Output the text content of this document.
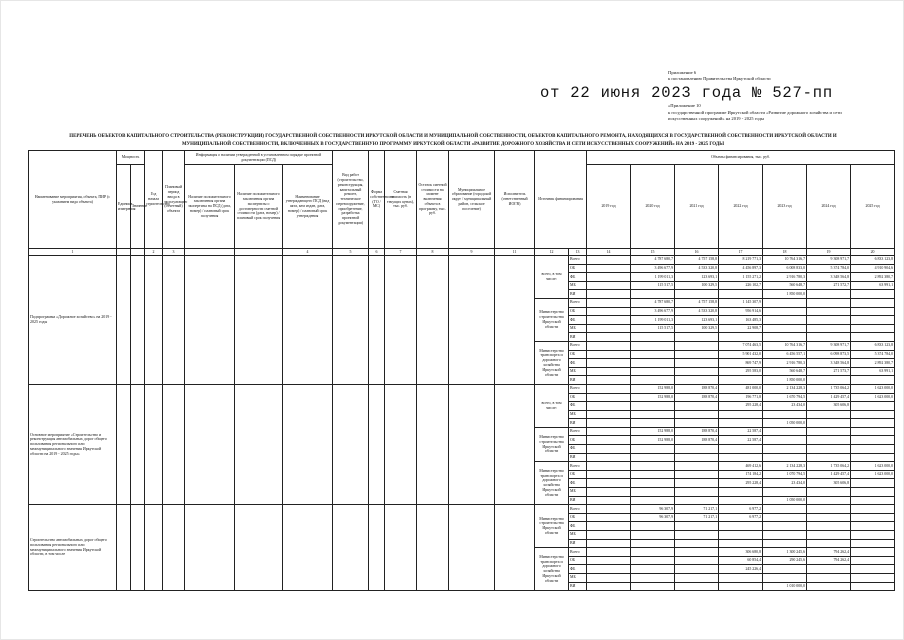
Приложение 6
к постановлению Правительства Иркутской области
от 22 июня 2023 года № 527-пп
«Приложение 10
к государственной программе Иркутской области «Развитие дорожного хозяйства и сети
искусственных сооружений» на 2019 - 2025 годы
ПЕРЕЧЕНЬ ОБЪЕКТОВ КАПИТАЛЬНОГО СТРОИТЕЛЬСТВА (РЕКОНСТРУКЦИИ) ГОСУДАРСТВЕННОЙ СОБСТВЕННОСТИ ИРКУТСКОЙ ОБЛАСТИ И МУНИЦИПАЛЬНОЙ СОБСТВЕННОСТИ, ОБЪЕКТОВ КАПИТАЛЬНОГО РЕМОНТА, НАХОДЯЩИХСЯ В ГОСУДАРСТВЕННОЙ СОБСТВЕННОСТИ ИРКУТСКОЙ ОБЛАСТИ И
МУНИЦИПАЛЬНОЙ СОБСТВЕННОСТИ, ВКЛЮЧЕННЫХ В ГОСУДАРСТВЕННУЮ ПРОГРАММУ ИРКУТСКОЙ ОБЛАСТИ «РАЗВИТИЕ ДОРОЖНОГО ХОЗЯЙСТВА И СЕТИ ИСКУССТВЕННЫХ СООРУЖЕНИЙ» НА 2019 - 2025 ГОДЫ
Наименование мероприятия, объекта, ПИР (с указанием вида объекта)	Мощность		Год начала строительства	Плановый период ввода в эксплуатацию (отчетный) объекта	Информация о наличии утвержденной в установленном порядке проектной документации (ПСД)			Вид работ (строительство, реконструкция, капитальный ремонт, техническое перевооружение, приобретение, разработка проектной документации)	Форма собственности (ГО / МС)	Сметная стоимость (в текущих ценах), тыс. руб.	Остаток сметной стоимости на момент включения объекта в программу, тыс. руб.	Муниципальное образование (городской округ / муниципальный район, сельское поселение)	Исполнитель (ответственный ИОГВ)	Источник финансирования		Объемы финансирования, тыс. руб.							
	Единица измерения	Значение			Наличие положительного заключения органа экспертизы на ПСД (дата, номер) / плановый срок получения	Наличие положительного заключения органа экспертизы о достоверности сметной стоимости (дата, номер) / плановый срок получения	Наименование утверждающего ПСД (вид акта, кем издан, дата, номер) / плановый срок утверждения									2019 год	2020 год	2021 год	2022 год	2023 год	2024 год	2025 год	

1			2	3			4	5	6	7	8	9	11	12	13	14	15	16	17	18	19	20	
Подпрограмма «Дорожное хозяйство» на 2019 - 2025 годы														всего, в том числе:	Всего		4 787 680,7	4 757 158,8	8 219 771,3	10 764 316,7	9 308 971,7	6 833 123,8	
															ОБ		3 496 677,9	4 533 320,8	4 456 897,3	6 008 833,0	5 374 784,0	4 910 904,6	
															ФБ		1 199 011,3	123 693,1	1 155 271,2	2 916 780,3	3 348 564,8	2 892 380,7	
															МБ		115 517,5	100 329,5	226 102,7	560 648,7	271 572,7	63 991,1	
															ВИ					1 850 000,0			
														Министерство строительства Иркутской области	Всего		4 787 680,7	4 757 158,8	1 145 307,9				
															ОБ		3 496 677,9	4 533 320,8	956 914,6				
															ФБ		1 199 011,3	123 693,1	163 485,3				
															МБ		115 517,5	100 329,5	22 908,7				
															ВИ								
														Министерство транспорта и дорожного хозяйства Иркутской области	Всего				7 074 463,5	10 764 316,7	9 308 971,7	6 833 123,8	
															ОБ				5 901 432,0	6 456 557,1	6 098 873,5	5 374 784,0	
															ФБ				869 747,9	2 916 780,3	3 348 564,8	2 892 380,7	
															МБ				295 583,0	560 648,7	271 573,7	63 991,1	
															ВИ					1 850 000,0			
Основное мероприятие «Строительство и реконструкция автомобильных дорог общего пользования регионального или межмуниципального значения Иркутской области на 2019 - 2025 годы»														всего, в том числе:	Всего		152 988,0	188 870,4	481 000,0	2 134 228,3	1 735 064,2	1 623 000,0	
															ОБ		152 988,0	188 870,4	196 771,8	1 670 794,5	1 429 457,4	1 623 000,0	
															ФБ				295 228,4	23 434,0	305 606,8		
															МБ								
															ВИ					1 050 000,0			
														Министерство строительства Иркутской области	Всего		152 988,0	188 870,4	22 587,4				
															ОБ		152 988,0	188 870,4	22 587,4				
															ФБ								
															ВИ								
														Министерство транспорта и дорожного хозяйства Иркутской области	Всего				469 412,6	2 134 228,3	1 735 064,2	1 623 000,0	
															ОБ				174 184,2	1 070 794,5	1 429 457,4	1 623 000,0	
															ФБ				295 228,4	23 434,0	305 606,8		
															МБ								
															ВИ					1 050 000,0			
Строительство автомобильных дорог общего пользования регионального или межмуниципального значения Иркутской области, в том числе														Министерство строительства Иркутской области	Всего		96 307,9	71 217,1	6 977,2				
															ОБ		96 307,9	71 217,1	6 977,2				
															ФБ								
															МБ								
															ВИ								
														Министерство транспорта и дорожного хозяйства Иркутской области	Всего				306 680,8	1 300 245,6	794 262,4		
															ОБ				60 854,4	290 245,6	794 262,4		
															ФБ				245 226,4				
															МБ								
															ВИ					1 010 000,0			
